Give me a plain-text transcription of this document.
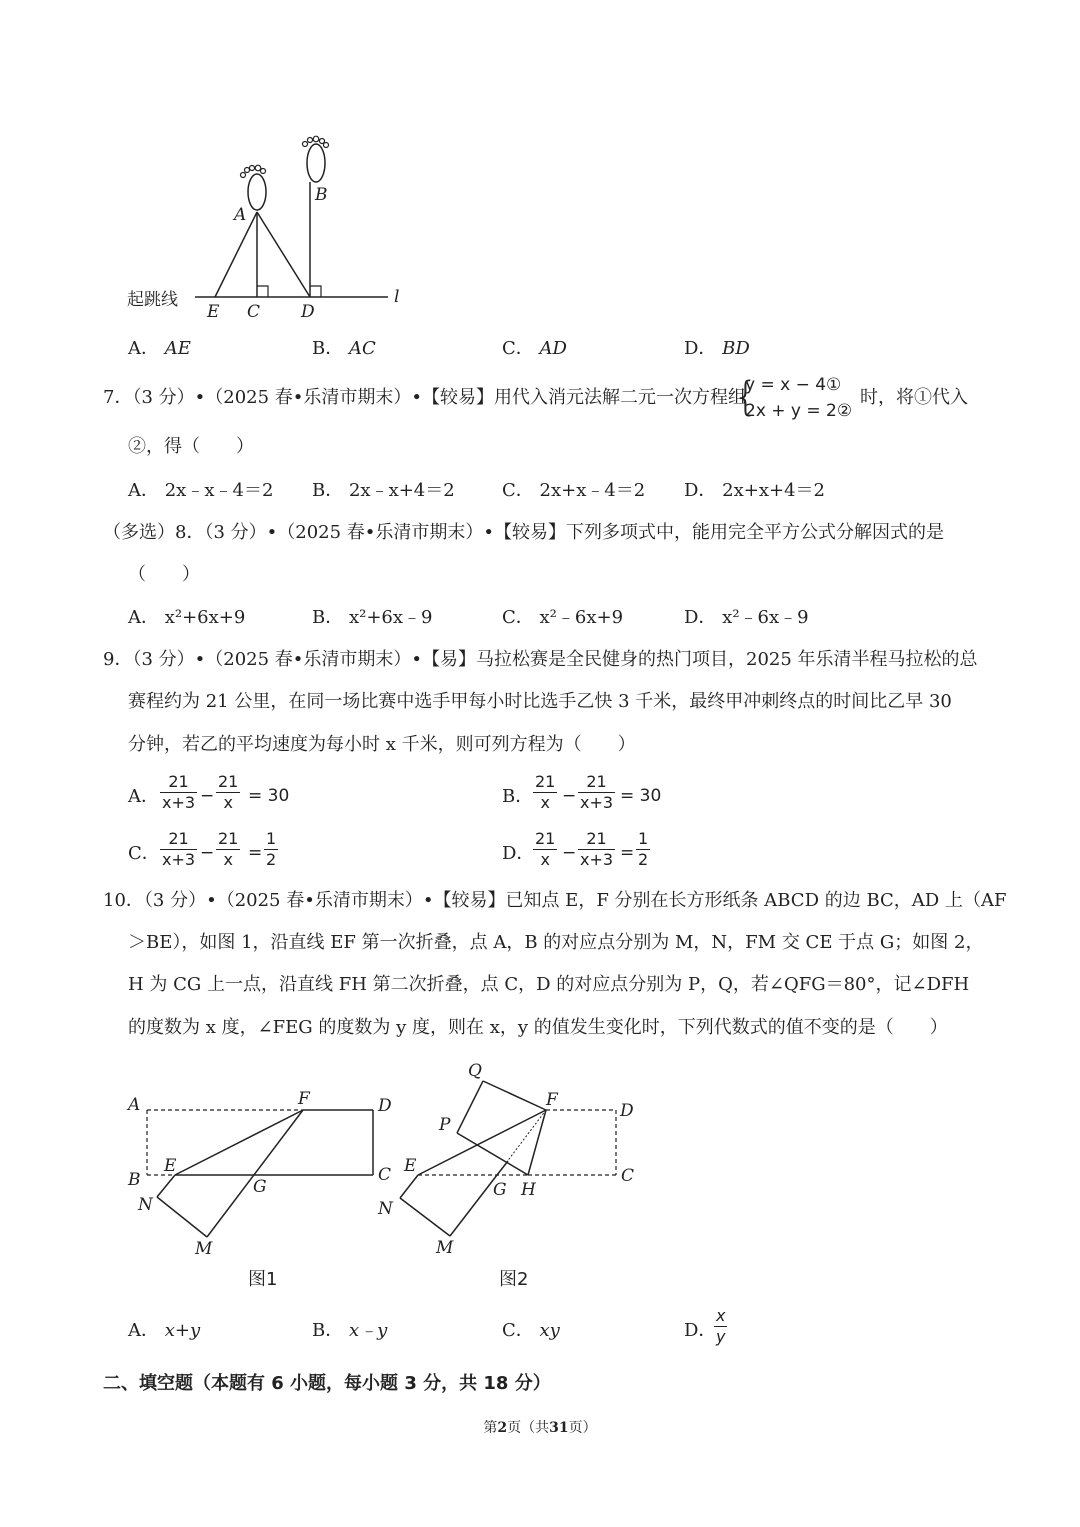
A
B
E C D
l
起跳线
A． AE	B． AC	C． AD	D． BD
7．（3 分）•（2025 春•乐清市期末）•【较易】用代入消元法解二元一次方程组
{
y = x − 4①
2x + y = 2②
时，将①代入
②，得（　　）
A． 2x﹣x﹣4＝2 B． 2x﹣x+4＝2	C． 2x+x﹣4＝2 D． 2x+x+4＝2
（多选）8．（3 分）•（2025 春•乐清市期末）•【较易】下列多项式中，能用完全平方公式分解因式的是
（　　）
A． x²+6x+9	B． x²+6x﹣9	C． x²﹣6x+9	D． x²﹣6x﹣9
9．（3 分）•（2025 春•乐清市期末）•【易】马拉松赛是全民健身的热门项目，2025 年乐清半程马拉松的总
赛程约为 21 公里，在同一场比赛中选手甲每小时比选手乙快 3 千米，最终甲冲刺终点的时间比乙早 30
分钟，若乙的平均速度为每小时 x 千米，则可列方程为（　　）
A．
21
x+3 −
21
x = 30	B．
21
x −
21
x+3 = 30
C．
21
x+3 −
21
x =
1
2	D．
21
x −
21
x+3 =
1
2
10．（3 分）•（2025 春•乐清市期末）•【较易】已知点 E，F 分别在长方形纸条 ABCD 的边 BC，AD 上（AF
＞BE），如图 1，沿直线 EF 第一次折叠，点 A，B 的对应点分别为 M，N，FM 交 CE 于点 G；如图 2，
H 为 CG 上一点，沿直线 FH 第二次折叠，点 C，D 的对应点分别为 P，Q，若∠QFG＝80°，记∠DFH
的度数为 x 度，∠FEG 的度数为 y 度，则在 x，y 的值发生变化时，下列代数式的值不变的是（　　）
A	F	D
B
E
G
C
N
M
图1
Q
F
D
P
E
G H
C
N
M
图2
A． x+y	B． x﹣y	C． xy	D．
x
y
二、填空题（本题有 6 小题，每小题 3 分，共 18 分）
第2页（共31页）
